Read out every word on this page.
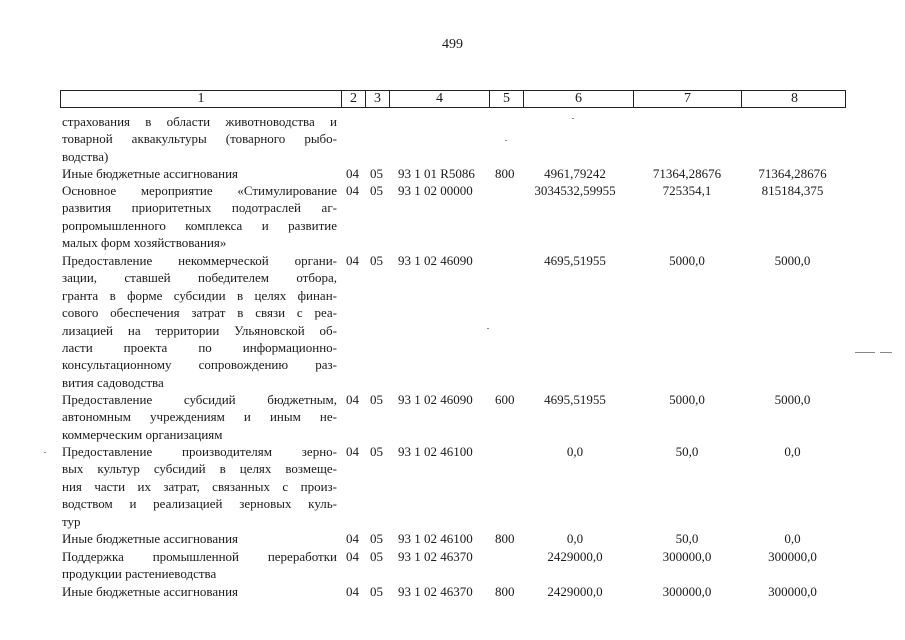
499
1	2	3	4	5	6	7	8
страхования в области животноводства и
товарной аквакультуры (товарного рыбо-
водства)
Иные бюджетные ассигнования	04 05 93 1 01 R5086 800	4961,79242	71364,28676	71364,28676
Основное мероприятие «Стимулирование
развития приоритетных подотраслей аг-
ропромышленного комплекса и развитие
малых форм хозяйствования»
04 05 93 1 02 00000	3034532,59955	725354,1	815184,375
Предоставление некоммерческой органи-
зации, ставшей победителем отбора,
гранта в форме субсидии в целях финан-
сового обеспечения затрат в связи с реа-
лизацией на территории Ульяновской об-
ласти проекта по информационно-
консультационному сопровождению раз-
вития садоводства
04 05 93 1 02 46090	4695,51955	5000,0	5000,0
Предоставление субсидий бюджетным,
автономным учреждениям и иным не-
коммерческим организациям
04 05 93 1 02 46090 600	4695,51955	5000,0	5000,0
Предоставление производителям зерно-
вых культур субсидий в целях возмеще-
ния части их затрат, связанных с произ-
водством и реализацией зерновых куль-
тур
04 05 93 1 02 46100	0,0	50,0	0,0
Иные бюджетные ассигнования	04 05 93 1 02 46100 800	0,0	50,0	0,0
Поддержка промышленной переработки
продукции растениеводства
04 05 93 1 02 46370	2429000,0	300000,0	300000,0
Иные бюджетные ассигнования	04 05 93 1 02 46370 800	2429000,0	300000,0	300000,0
